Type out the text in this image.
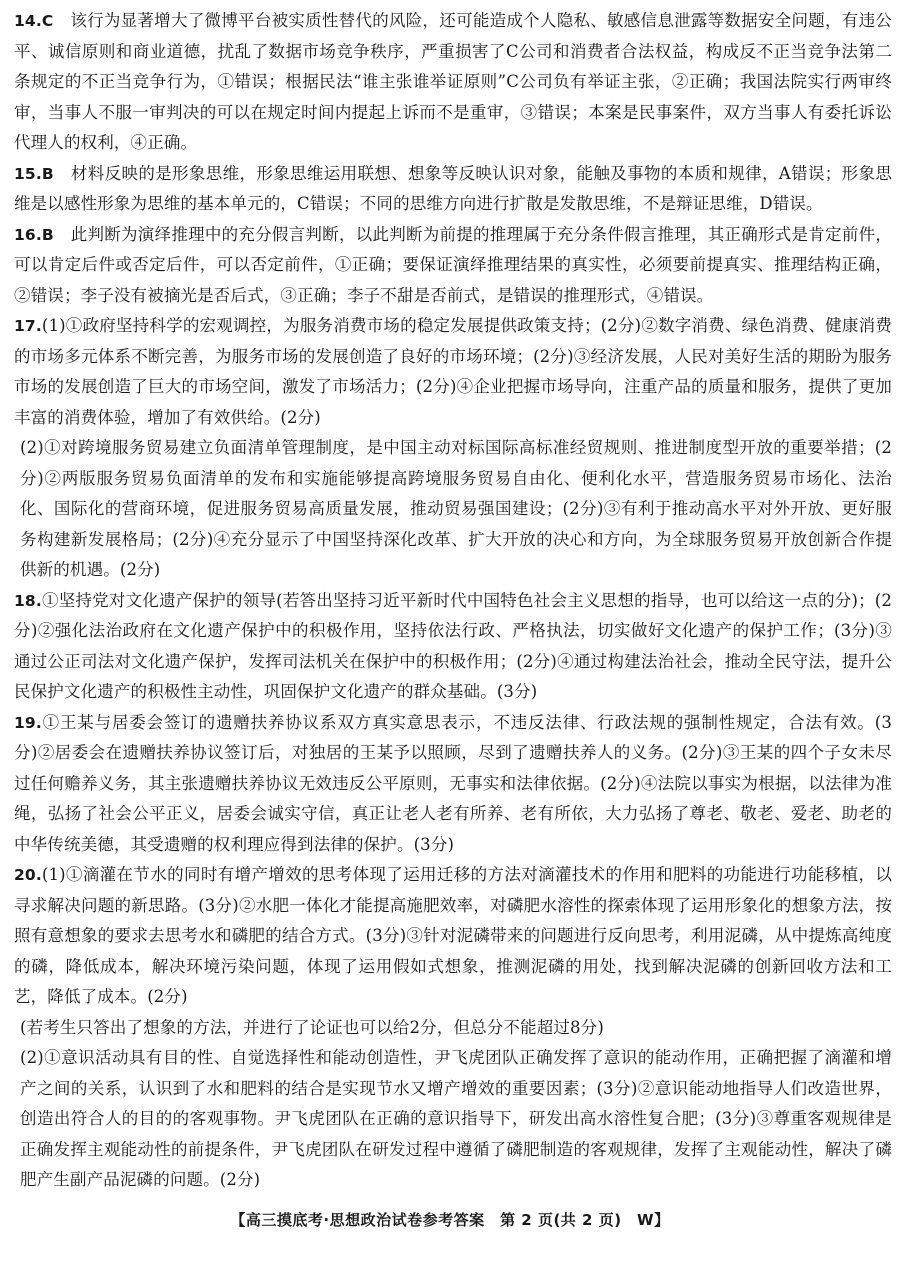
14.C　该行为显著增大了微博平台被实质性替代的风险，还可能造成个人隐私、敏感信息泄露等数据安全问题，有违公平、诚信原则和商业道德，扰乱了数据市场竞争秩序，严重损害了C公司和消费者合法权益，构成反不正当竞争法第二条规定的不正当竞争行为，①错误；根据民法“谁主张谁举证原则”C公司负有举证主张，②正确；我国法院实行两审终审，当事人不服一审判决的可以在规定时间内提起上诉而不是重审，③错误；本案是民事案件，双方当事人有委托诉讼代理人的权利，④正确。

15.B　材料反映的是形象思维，形象思维运用联想、想象等反映认识对象，能触及事物的本质和规律，A错误；形象思维是以感性形象为思维的基本单元的，C错误；不同的思维方向进行扩散是发散思维，不是辩证思维，D错误。

16.B　此判断为演绎推理中的充分假言判断，以此判断为前提的推理属于充分条件假言推理，其正确形式是肯定前件，可以肯定后件或否定后件，可以否定前件，①正确；要保证演绎推理结果的真实性，必须要前提真实、推理结构正确，②错误；李子没有被摘光是否后式，③正确；李子不甜是否前式，是错误的推理形式，④错误。

17.(1)①政府坚持科学的宏观调控，为服务消费市场的稳定发展提供政策支持；(2分)②数字消费、绿色消费、健康消费的市场多元体系不断完善，为服务市场的发展创造了良好的市场环境；(2分)③经济发展，人民对美好生活的期盼为服务市场的发展创造了巨大的市场空间，激发了市场活力；(2分)④企业把握市场导向，注重产品的质量和服务，提供了更加丰富的消费体验，增加了有效供给。(2分)

(2)①对跨境服务贸易建立负面清单管理制度，是中国主动对标国际高标准经贸规则、推进制度型开放的重要举措；(2分)②两版服务贸易负面清单的发布和实施能够提高跨境服务贸易自由化、便利化水平，营造服务贸易市场化、法治化、国际化的营商环境，促进服务贸易高质量发展，推动贸易强国建设；(2分)③有利于推动高水平对外开放、更好服务构建新发展格局；(2分)④充分显示了中国坚持深化改革、扩大开放的决心和方向，为全球服务贸易开放创新合作提供新的机遇。(2分)

18.①坚持党对文化遗产保护的领导(若答出坚持习近平新时代中国特色社会主义思想的指导，也可以给这一点的分)；(2分)②强化法治政府在文化遗产保护中的积极作用，坚持依法行政、严格执法，切实做好文化遗产的保护工作；(3分)③通过公正司法对文化遗产保护，发挥司法机关在保护中的积极作用；(2分)④通过构建法治社会，推动全民守法，提升公民保护文化遗产的积极性主动性，巩固保护文化遗产的群众基础。(3分)

19.①王某与居委会签订的遗赠扶养协议系双方真实意思表示，不违反法律、行政法规的强制性规定，合法有效。(3分)②居委会在遗赠扶养协议签订后，对独居的王某予以照顾，尽到了遗赠扶养人的义务。(2分)③王某的四个子女未尽过任何赡养义务，其主张遗赠扶养协议无效违反公平原则，无事实和法律依据。(2分)④法院以事实为根据，以法律为准绳，弘扬了社会公平正义，居委会诚实守信，真正让老人老有所养、老有所依，大力弘扬了尊老、敬老、爱老、助老的中华传统美德，其受遗赠的权利理应得到法律的保护。(3分)

20.(1)①滴灌在节水的同时有增产增效的思考体现了运用迁移的方法对滴灌技术的作用和肥料的功能进行功能移植，以寻求解决问题的新思路。(3分)②水肥一体化才能提高施肥效率，对磷肥水溶性的探索体现了运用形象化的想象方法，按照有意想象的要求去思考水和磷肥的结合方式。(3分)③针对泥磷带来的问题进行反向思考，利用泥磷，从中提炼高纯度的磷，降低成本，解决环境污染问题，体现了运用假如式想象，推测泥磷的用处，找到解决泥磷的创新回收方法和工艺，降低了成本。(2分)

(若考生只答出了想象的方法，并进行了论证也可以给2分，但总分不能超过8分)

(2)①意识活动具有目的性、自觉选择性和能动创造性，尹飞虎团队正确发挥了意识的能动作用，正确把握了滴灌和增产之间的关系，认识到了水和肥料的结合是实现节水又增产增效的重要因素；(3分)②意识能动地指导人们改造世界，创造出符合人的目的的客观事物。尹飞虎团队在正确的意识指导下，研发出高水溶性复合肥；(3分)③尊重客观规律是正确发挥主观能动性的前提条件，尹飞虎团队在研发过程中遵循了磷肥制造的客观规律，发挥了主观能动性，解决了磷肥产生副产品泥磷的问题。(2分)

【高三摸底考·思想政治试卷参考答案　第 2 页(共 2 页)　W】
